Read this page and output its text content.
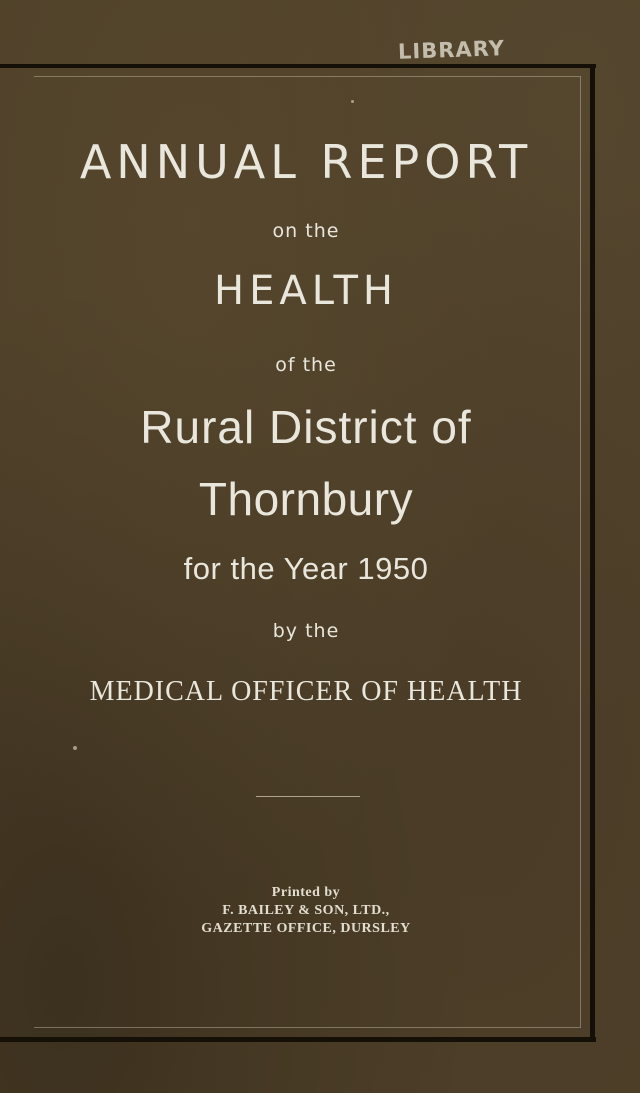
LIBRARY
ANNUAL REPORT
on the
HEALTH
of the
Rural District of
Thornbury
for the Year 1950
by the
MEDICAL OFFICER OF HEALTH
Printed by
F. BAILEY & SON, LTD.,
GAZETTE OFFICE, DURSLEY
